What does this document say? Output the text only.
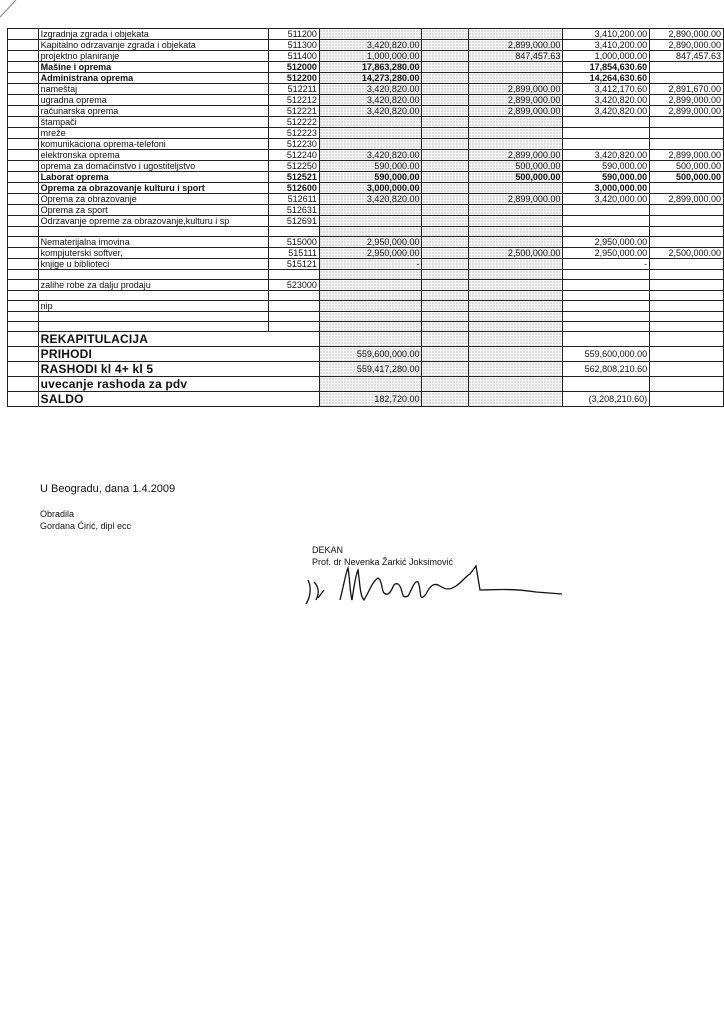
	Izgradnja zgrada i objekata	511200				3,410,200.00	2,890,000.00
	Kapitalno odrzavanje zgrada i objekata	511300	3,420,820.00		2,899,000.00	3,410,200.00	2,890,000.00
	projektno planiranje	511400	1,000,000.00		847,457.63	1,000,000.00	847,457.63
	Mašine i oprema	512000	17,863,280.00			17,854,630.60	
	Administrana oprema	512200	14,273,280.00			14,264,630.60	
	nameštaj	512211	3,420,820.00		2,899,000.00	3,412,170.60	2,891,670.00
	ugradna oprema	512212	3,420,820.00		2,899,000.00	3,420,820.00	2,899,000.00
	računarska oprema	512221	3,420,820.00		2,899,000.00	3,420,820.00	2,899,000.00
	štampači	512222					
	mreže	512223					
	komunikaciona oprema-telefoni	512230					
	elektronska oprema	512240	3,420,820.00		2,899,000.00	3,420,820.00	2,899,000.00
	oprema za domaćinstvo i ugostiteljstvo	512250	590,000.00		500,000.00	590,000.00	500,000.00
	Laborat oprema	512521	590,000.00		500,000.00	590,000.00	500,000.00
	Oprema za obrazovanje kulturu i sport	512600	3,000,000.00			3,000,000.00	
	Oprema za obrazovanje	512611	3,420,820.00		2,899,000.00	3,420,000.00	2,899,000.00
	Oprema za sport	512631					
	Odrzavanje opreme za obrazovanje,kulturu i sp	512691					

	Nematerijalna imovina	515000	2,950,000.00			2,950,000.00	
	kompjuterski softver,	515111	2,950,000.00		2,500,000.00	2,950,000.00	2,500,000.00
	knjige u biblioteci	515121	-			-	

	zalihe robe za dalju prodaju	523000					

	nip						

	REKAPITULACIJA						
	PRIHODI		559,600,000.00			559,600,000.00	
	RASHODI kl 4+ kl 5		559,417,280.00			562,808,210.60	
	uvecanje rashoda za pdv						
	SALDO		182,720.00			(3,208,210.60)	
U Beogradu, dana 1.4.2009
Obradila
Gordana Ćirić, dipl ecc
DEKAN
Prof. dr Nevenka Žarkić Joksimović
